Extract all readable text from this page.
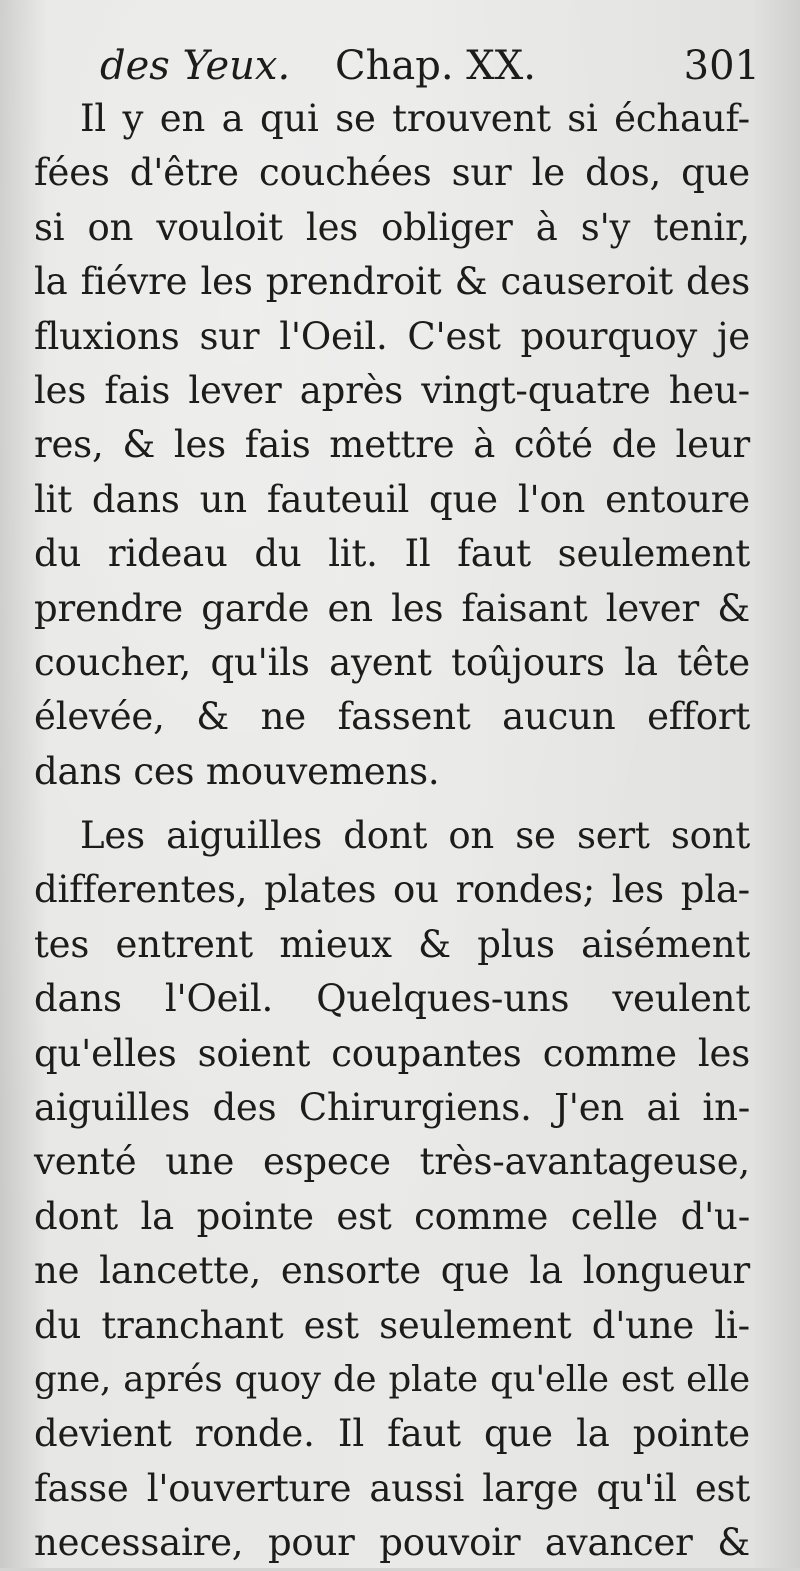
des Yeux. Chap. XX.	301
Il y en a qui se trouvent si échauf-
fées d'être couchées sur le dos, que
si on vouloit les obliger à s'y tenir,
la fiévre les prendroit & causeroit des
fluxions sur l'Oeil. C'est pourquoy je
les fais lever après vingt-quatre heu-
res, & les fais mettre à côté de leur
lit dans un fauteuil que l'on entoure
du rideau du lit. Il faut seulement
prendre garde en les faisant lever &
coucher, qu'ils ayent toûjours la tête
élevée, & ne fassent aucun effort
dans ces mouvemens.
Les aiguilles dont on se sert sont
differentes, plates ou rondes; les pla-
tes entrent mieux & plus aisément
dans l'Oeil. Quelques-uns veulent
qu'elles soient coupantes comme les
aiguilles des Chirurgiens. J'en ai in-
venté une espece très-avantageuse,
dont la pointe est comme celle d'u-
ne lancette, ensorte que la longueur
du tranchant est seulement d'une li-
gne, aprés quoy de plate qu'elle est elle
devient ronde. Il faut que la pointe
fasse l'ouverture aussi large qu'il est
necessaire, pour pouvoir avancer &
